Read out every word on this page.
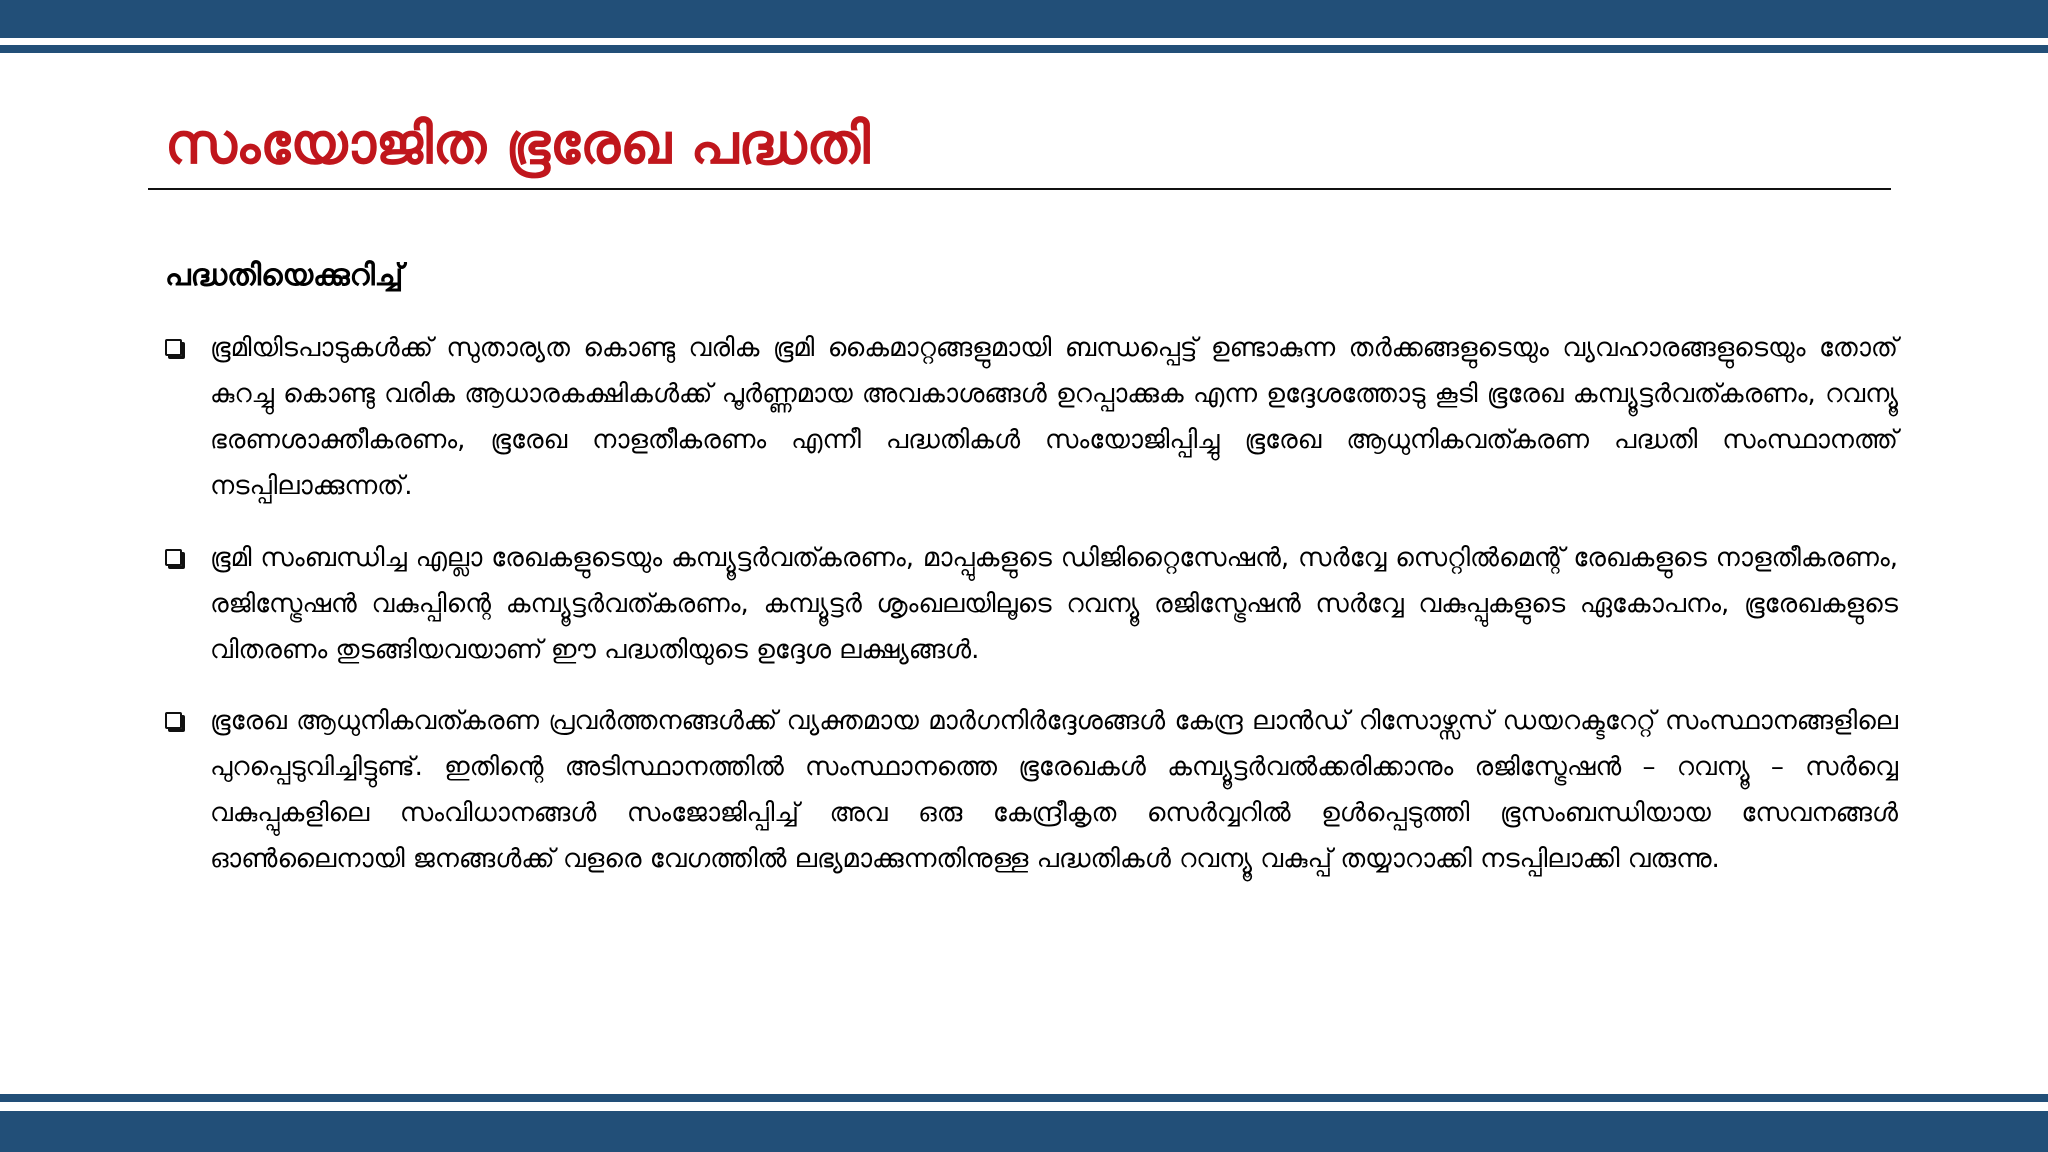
സംയോജിത ഭൂരേഖ പദ്ധതി
പദ്ധതിയെക്കുറിച്ച്

ഭൂമിയിടപാടുകൾക്ക് സുതാര്യത കൊണ്ടു വരിക ഭൂമി കൈമാറ്റങ്ങളുമായി ബന്ധപ്പെട്ട് ഉണ്ടാകുന്ന തർക്കങ്ങളുടെയും വ്യവഹാരങ്ങളുടെയും തോത് കുറച്ചു കൊണ്ടു വരിക ആധാരകക്ഷികൾക്ക് പൂർണ്ണമായ അവകാശങ്ങൾ ഉറപ്പാക്കുക എന്ന ഉദ്ദേശത്തോടു കൂടി ഭൂരേഖ കമ്പ്യൂട്ടർവത്കരണം, റവന്യൂ ഭരണശാക്തീകരണം, ഭൂരേഖ നാളതീകരണം എന്നീ പദ്ധതികൾ സംയോജിപ്പിച്ചു ഭൂരേഖ ആധുനികവത്കരണ പദ്ധതി സംസ്ഥാനത്ത് നടപ്പിലാക്കുന്നത്.

ഭൂമി സംബന്ധിച്ച എല്ലാ രേഖകളുടെയും കമ്പ്യൂട്ടർവത്കരണം, മാപ്പുകളുടെ ഡിജിറ്റൈസേഷൻ, സർവ്വേ സെറ്റിൽമെന്റ് രേഖകളുടെ നാളതീകരണം, രജിസ്ട്രേഷൻ വകുപ്പിന്റെ കമ്പ്യൂട്ടർവത്കരണം, കമ്പ്യൂട്ടർ ശൃംഖലയിലൂടെ റവന്യൂ രജിസ്ട്രേഷൻ സർവ്വേ വകുപ്പുകളുടെ ഏകോപനം, ഭൂരേഖകളുടെ വിതരണം തുടങ്ങിയവയാണ് ഈ പദ്ധതിയുടെ ഉദ്ദേശ ലക്ഷ്യങ്ങൾ.

ഭൂരേഖ ആധുനികവത്കരണ പ്രവർത്തനങ്ങൾക്ക് വ്യക്തമായ മാർഗനിർദ്ദേശങ്ങൾ കേന്ദ്ര ലാൻഡ് റിസോഴ്സസ് ഡയറക്ടറേറ്റ് സംസ്ഥാനങ്ങളിലെ പുറപ്പെടുവിച്ചിട്ടുണ്ട്. ഇതിന്റെ അടിസ്ഥാനത്തിൽ സംസ്ഥാനത്തെ ഭൂരേഖകൾ കമ്പ്യൂട്ടർവൽക്കരിക്കാനും രജിസ്ട്രേഷൻ – റവന്യൂ – സർവ്വെ വകുപ്പുകളിലെ സംവിധാനങ്ങൾ സംജോജിപ്പിച്ച് അവ ഒരു കേന്ദ്രീകൃത സെർവ്വറിൽ ഉൾപ്പെടുത്തി ഭൂസംബന്ധിയായ സേവനങ്ങൾ ഓൺലൈനായി ജനങ്ങൾക്ക് വളരെ വേഗത്തിൽ ലഭ്യമാക്കുന്നതിനുള്ള പദ്ധതികൾ റവന്യൂ വകുപ്പ് തയ്യാറാക്കി നടപ്പിലാക്കി വരുന്നു.
